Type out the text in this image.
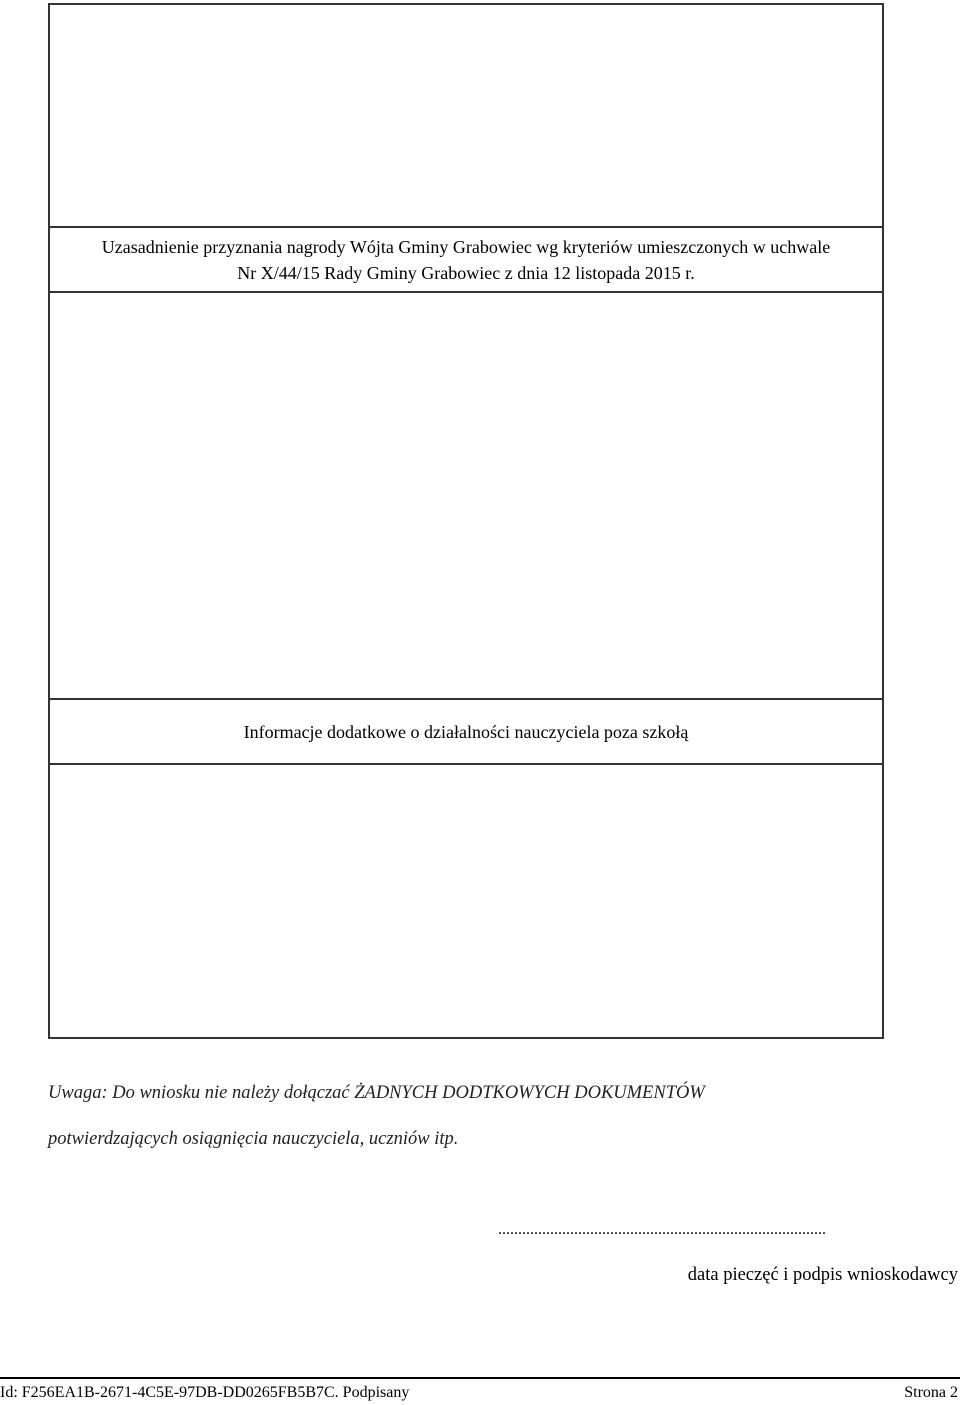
Uzasadnienie przyznania nagrody Wójta Gminy Grabowiec wg kryteriów umieszczonych w uchwale
Nr X/44/15 Rady Gminy Grabowiec z dnia 12 listopada 2015 r.
Informacje dodatkowe o działalności nauczyciela poza szkołą
Uwaga: Do wniosku nie należy dołączać ŻADNYCH DODTKOWYCH DOKUMENTÓW
potwierdzających osiągnięcia nauczyciela, uczniów itp.
..................................................................................
data pieczęć i podpis wnioskodawcy
Id: F256EA1B-2671-4C5E-97DB-DD0265FB5B7C. Podpisany	Strona 2
